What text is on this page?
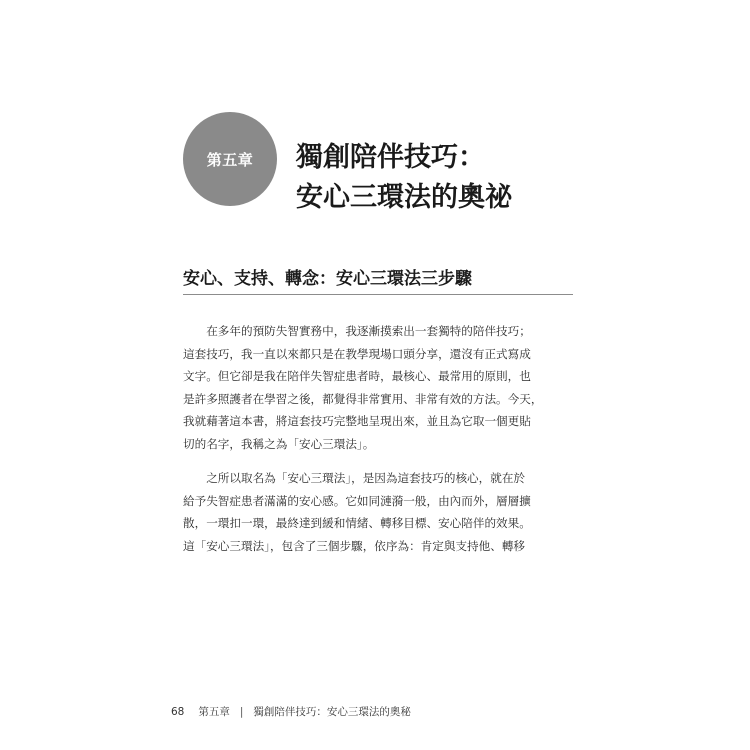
第五章 獨創陪伴技巧：
安心三環法的奧祕
安心、支持、轉念：安心三環法三步驟

　　在多年的預防失智實務中，我逐漸摸索出一套獨特的陪伴技巧；
這套技巧，我一直以來都只是在教學現場口頭分享，還沒有正式寫成
文字。但它卻是我在陪伴失智症患者時，最核心、最常用的原則，也
是許多照護者在學習之後，都覺得非常實用、非常有效的方法。今天，
我就藉著這本書，將這套技巧完整地呈現出來，並且為它取一個更貼
切的名字，我稱之為「安心三環法」。

　　之所以取名為「安心三環法」，是因為這套技巧的核心，就在於
給予失智症患者滿滿的安心感。它如同漣漪一般，由內而外，層層擴
散，一環扣一環，最終達到緩和情緒、轉移目標、安心陪伴的效果。
這「安心三環法」，包含了三個步驟，依序為：肯定與支持他、轉移

68 第五章 | 獨創陪伴技巧：安心三環法的奧秘
